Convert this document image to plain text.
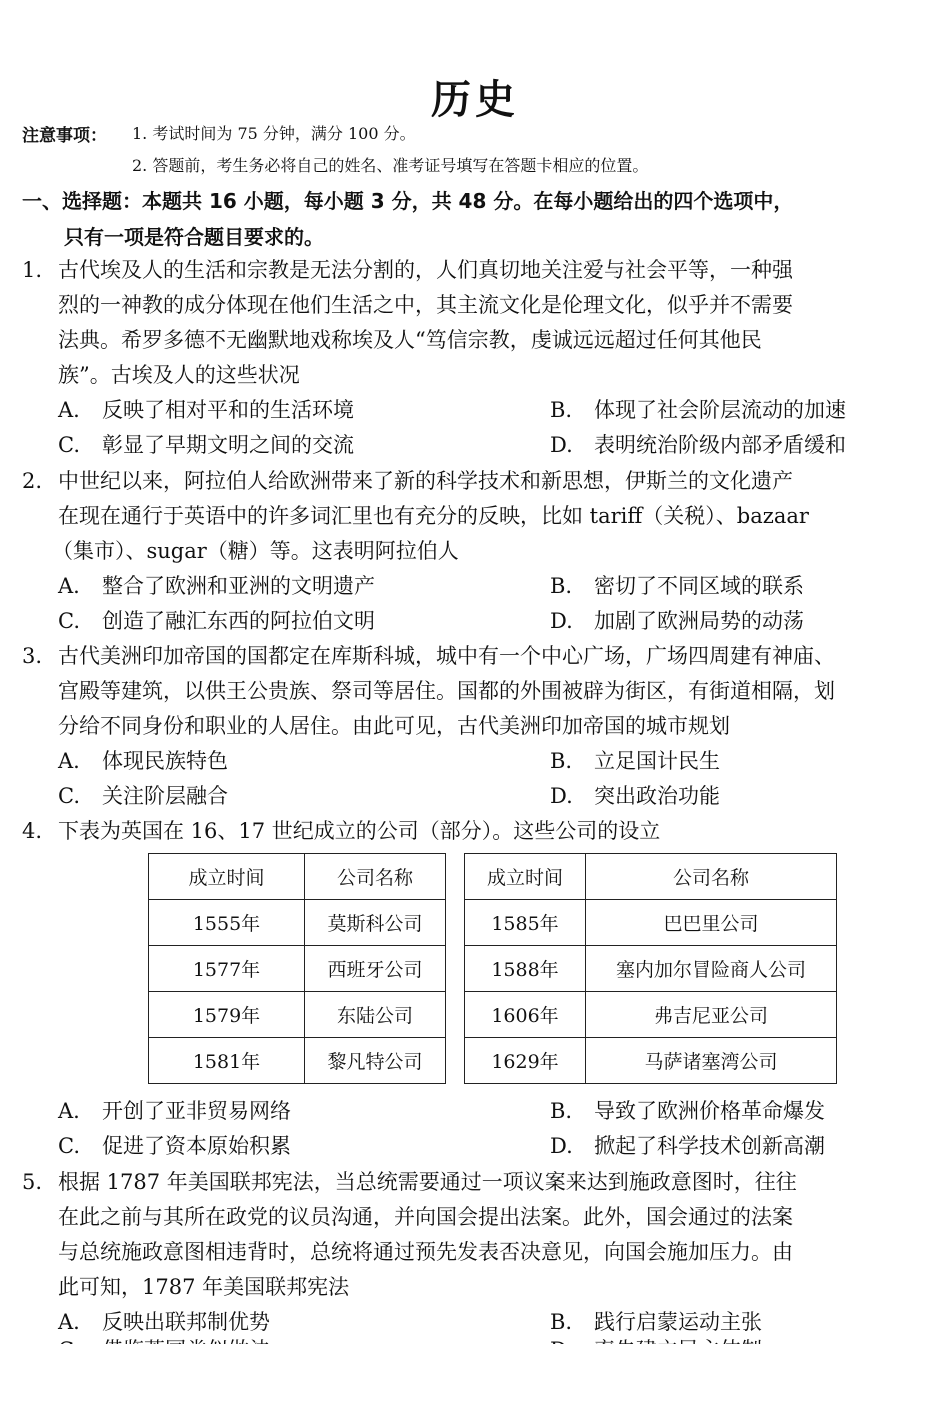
历史
注意事项： 1. 考试时间为 75 分钟，满分 100 分。
2. 答题前，考生务必将自己的姓名、准考证号填写在答题卡相应的位置。
一、选择题：本题共 16 小题，每小题 3 分，共 48 分。在每小题给出的四个选项中，
只有一项是符合题目要求的。
1. 古代埃及人的生活和宗教是无法分割的，人们真切地关注爱与社会平等，一种强
烈的一神教的成分体现在他们生活之中，其主流文化是伦理文化，似乎并不需要
法典。希罗多德不无幽默地戏称埃及人“笃信宗教，虔诚远远超过任何其他民
族”。古埃及人的这些状况
A. 反映了相对平和的生活环境	B. 体现了社会阶层流动的加速
C. 彰显了早期文明之间的交流	D. 表明统治阶级内部矛盾缓和
2. 中世纪以来，阿拉伯人给欧洲带来了新的科学技术和新思想，伊斯兰的文化遗产
在现在通行于英语中的许多词汇里也有充分的反映，比如 tariff（关税）、bazaar
（集市）、sugar（糖）等。这表明阿拉伯人
A. 整合了欧洲和亚洲的文明遗产	B. 密切了不同区域的联系
C. 创造了融汇东西的阿拉伯文明	D. 加剧了欧洲局势的动荡
3. 古代美洲印加帝国的国都定在库斯科城，城中有一个中心广场，广场四周建有神庙、
宫殿等建筑，以供王公贵族、祭司等居住。国都的外围被辟为街区，有街道相隔，划
分给不同身份和职业的人居住。由此可见，古代美洲印加帝国的城市规划
A. 体现民族特色	B. 立足国计民生
C. 关注阶层融合	D. 突出政治功能
4. 下表为英国在 16、17 世纪成立的公司（部分）。这些公司的设立
成立时间	公司名称		成立时间	公司名称
1555年	莫斯科公司		1585年	巴巴里公司
1577年	西班牙公司		1588年	塞内加尔冒险商人公司
1579年	东陆公司		1606年	弗吉尼亚公司
1581年	黎凡特公司		1629年	马萨诸塞湾公司
A. 开创了亚非贸易网络	B. 导致了欧洲价格革命爆发
C. 促进了资本原始积累	D. 掀起了科学技术创新高潮
5. 根据 1787 年美国联邦宪法，当总统需要通过一项议案来达到施政意图时，往往
在此之前与其所在政党的议员沟通，并向国会提出法案。此外，国会通过的法案
与总统施政意图相违背时，总统将通过预先发表否决意见，向国会施加压力。由
此可知，1787 年美国联邦宪法
A. 反映出联邦制优势	B. 践行启蒙运动主张
